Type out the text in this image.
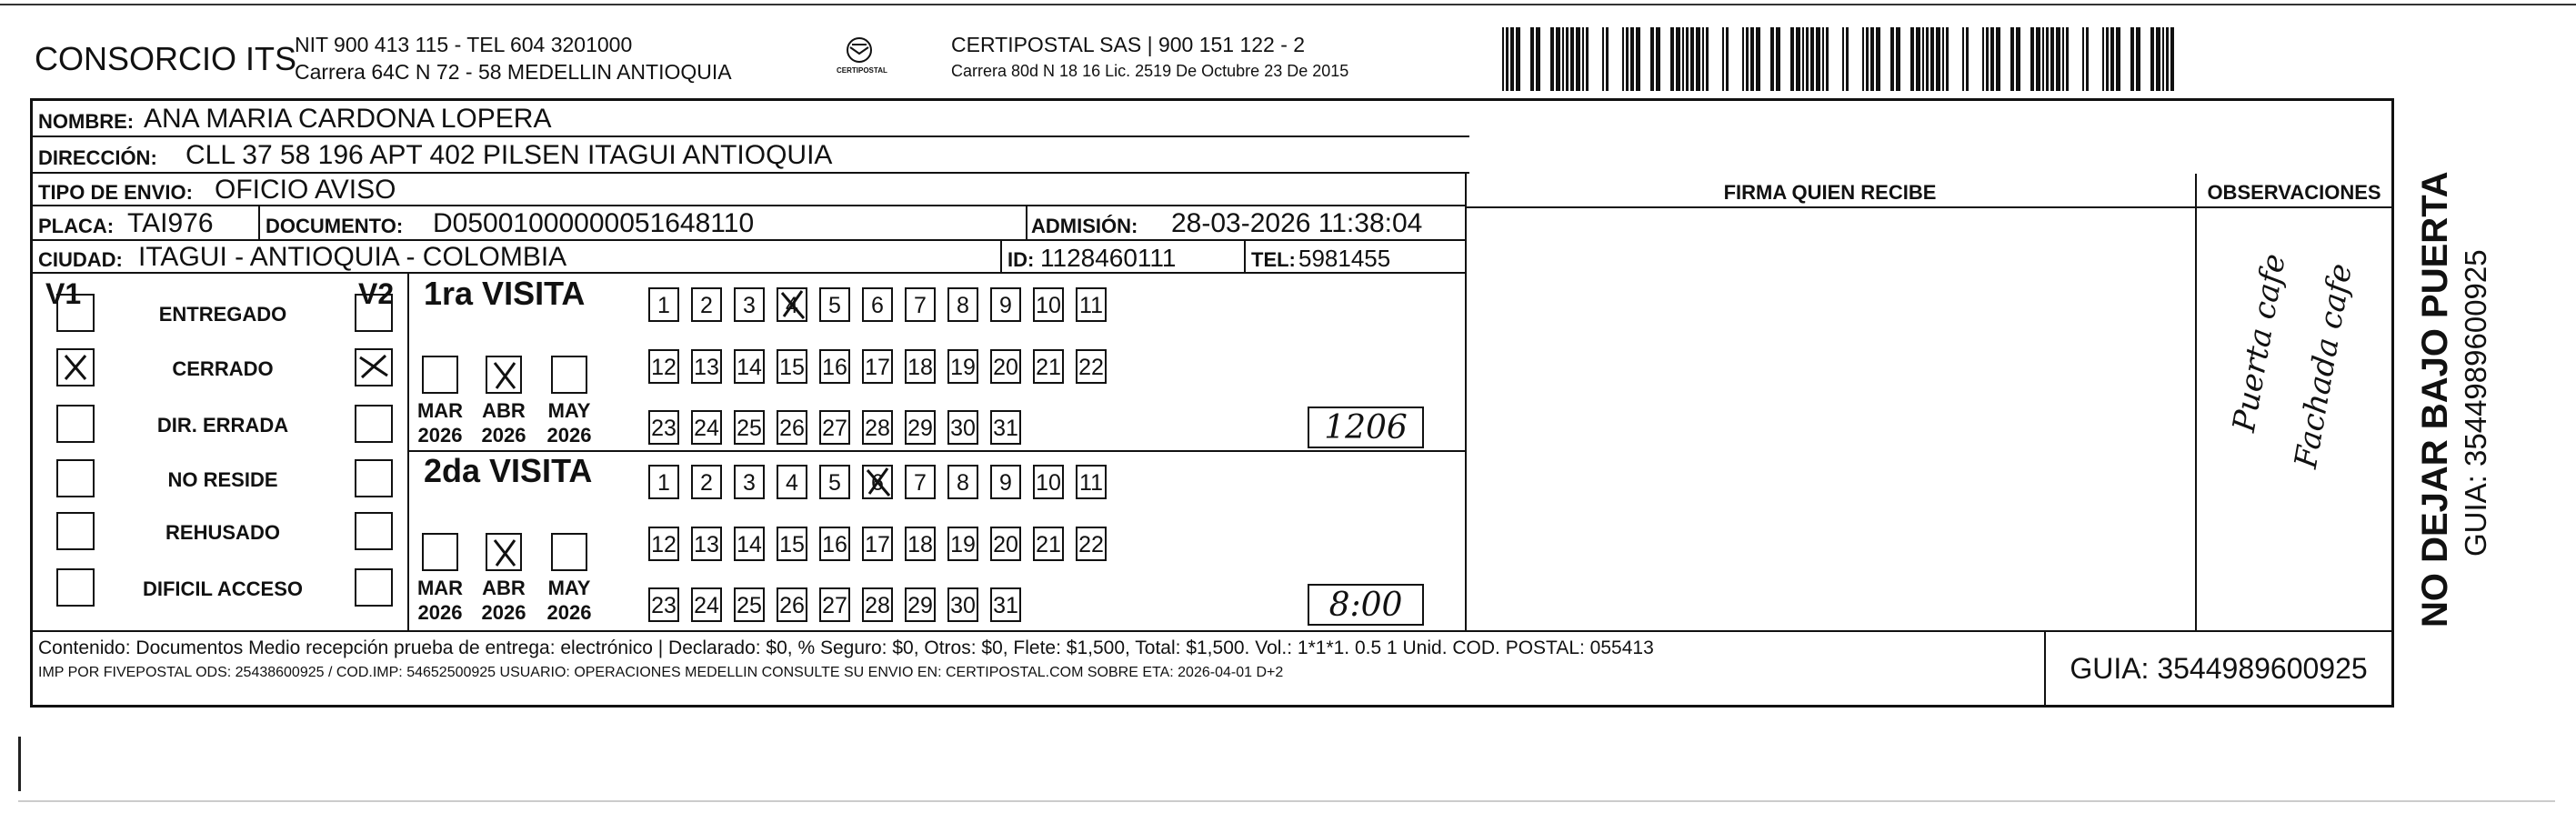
CONSORCIO ITS
NIT 900 413 115 - TEL 604 3201000
Carrera 64C N 72 - 58 MEDELLIN ANTIOQUIA	CERTIPOSTAL
CERTIPOSTAL SAS | 900 151 122 - 2
Carrera 80d N 18 16 Lic. 2519 De Octubre 23 De 2015
NOMBRE: ANA MARIA CARDONA LOPERA
DIRECCIÓN: CLL 37 58 196 APT 402 PILSEN ITAGUI ANTIOQUIA
TIPO DE ENVIO: OFICIO AVISO
PLACA: TAI976	DOCUMENTO: D05001000000051648110	ADMISIÓN: 28-03-2026 11:38:04
CIUDAD: ITAGUI - ANTIOQUIA - COLOMBIA	ID: 1128460111	TEL: 5981455
FIRMA QUIEN RECIBE	OBSERVACIONES
Puerta cafe
Fachada cafe
V1	V2
Contenido: Documentos Medio recepción prueba de entrega: electrónico | Declarado: $0, % Seguro: $0, Otros: $0, Flete: $1,500, Total: $1,500. Vol.: 1*1*1. 0.5 1 Unid. COD. POSTAL: 055413
IMP POR FIVEPOSTAL ODS: 25438600925 / COD.IMP: 54652500925 USUARIO: OPERACIONES MEDELLIN CONSULTE SU ENVIO EN: CERTIPOSTAL.COM SOBRE ETA: 2026-04-01 D+2	GUIA: 3544989600925
ENTREGADO
CERRADO
DIR. ERRADA
NO RESIDE
REHUSADO
DIFICIL ACCESO
1ra VISITA
MAR
2026
ABR
2026
MAY
2026
1	2	3	4	5	6	7	8	9	10 11
12 13 14 15 16 17 18 19 20 21 22
23 24 25 26 27 28 29 30 31	1206
2da VISITA
MAR
2026
ABR
2026
MAY
2026
1	2	3	4	5	6	7	8	9	10 11
12 13 14 15 16 17 18 19 20 21 22
23 24 25 26 27 28 29 30 31	8:00	NO DEJAR BAJO PUERTA GUIA: 3544989600925
